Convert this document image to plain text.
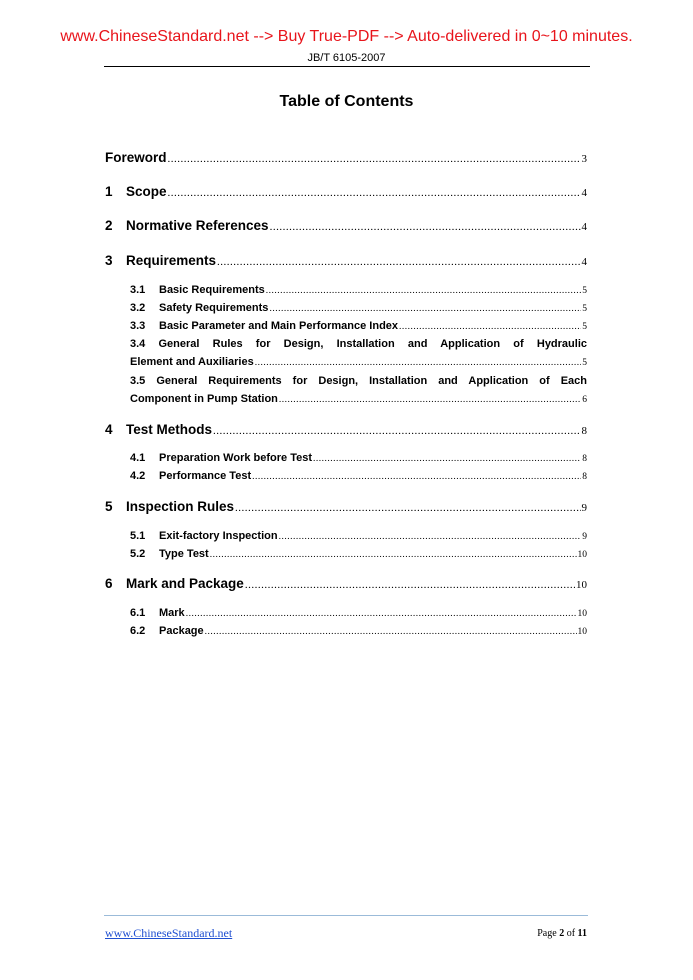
www.ChineseStandard.net --> Buy True-PDF --> Auto-delivered in 0~10 minutes.
JB/T 6105-2007
Table of Contents
Foreword .....	3
1 Scope .....	4
2 Normative References .....	4
3 Requirements .....	4
3.1 Basic Requirements .....	5
3.2 Safety Requirements .....	5
3.3 Basic Parameter and Main Performance Index .....	5
3.4 General Rules for Design, Installation and Application of Hydraulic
Element and Auxiliaries .....	5
3.5 General Requirements for Design, Installation and Application of Each
Component in Pump Station .....	6
4 Test Methods .....	8
4.1 Preparation Work before Test .....	8
4.2 Performance Test .....	8
5 Inspection Rules .....	9
5.1 Exit-factory Inspection .....	9
5.2 Type Test .....	10
6 Mark and Package .....	10
6.1 Mark .....	10
6.2 Package .....	10
www.ChineseStandard.net	Page 2 of 11
